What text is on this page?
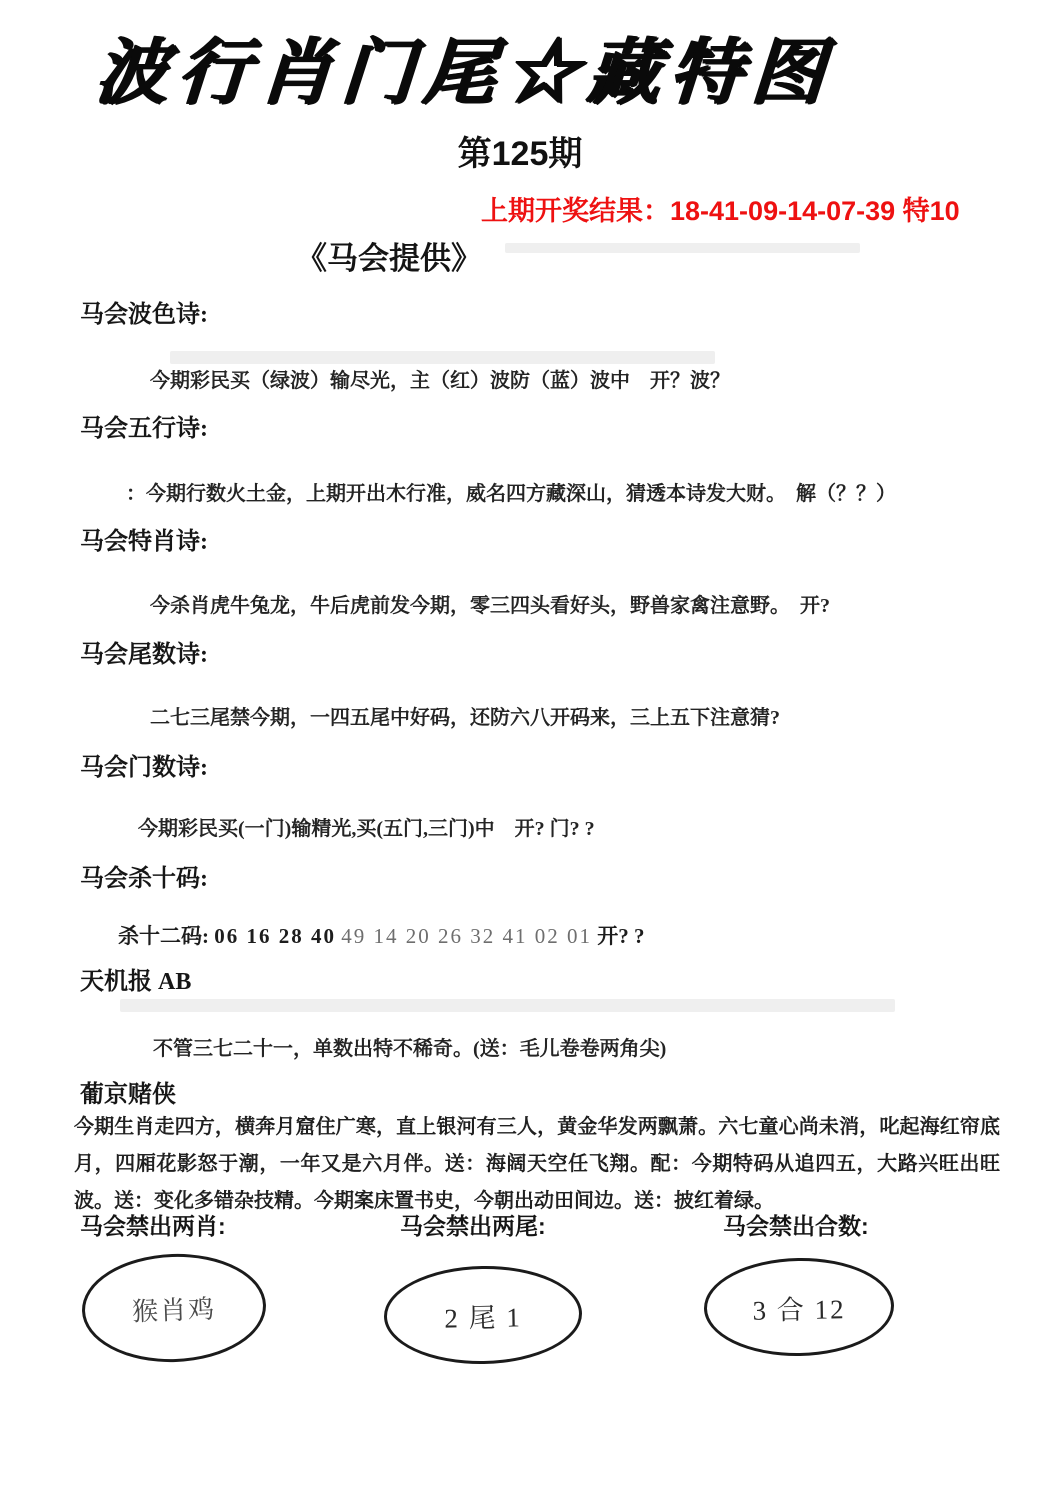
波行肖门尾☆藏特图
第125期
上期开奖结果：18-41-09-14-07-39 特10
《马会提供》
马会波色诗:
今期彩民买（绿波）输尽光，主（红）波防（蓝）波中　开？波？
马会五行诗:
：今期行数火土金，上期开出木行准，威名四方藏深山，猜透本诗发大财。　解（？？）
马会特肖诗:
今杀肖虎牛兔龙，牛后虎前发今期，零三四头看好头，野兽家禽注意野。　开?
马会尾数诗:
二七三尾禁今期，一四五尾中好码，还防六八开码来，三上五下注意猜?
马会门数诗:
今期彩民买(一门)输精光,买(五门,三门)中　开? 门? ?
马会杀十码:
杀十二码: 06 16 28 40 49 14 20 26 32 41 02 01 开? ?
天机报 AB
不管三七二十一，单数出特不稀奇。(送：毛儿卷卷两角尖)
葡京赌侠
今期生肖走四方，横奔月窟住广寒，直上银河有三人，黄金华发两飘萧。六七童心尚未消，叱起海红帘底月，四厢花影怒于潮，一年又是六月伴。送：海阔天空任飞翔。配：今期特码从追四五，大路兴旺出旺波。送：变化多错杂技精。今期案床置书史，今朝出动田间边。送：披红着绿。
马会禁出两肖:	马会禁出两尾:	马会禁出合数:
猴肖鸡	2 尾 1	3 合 12
